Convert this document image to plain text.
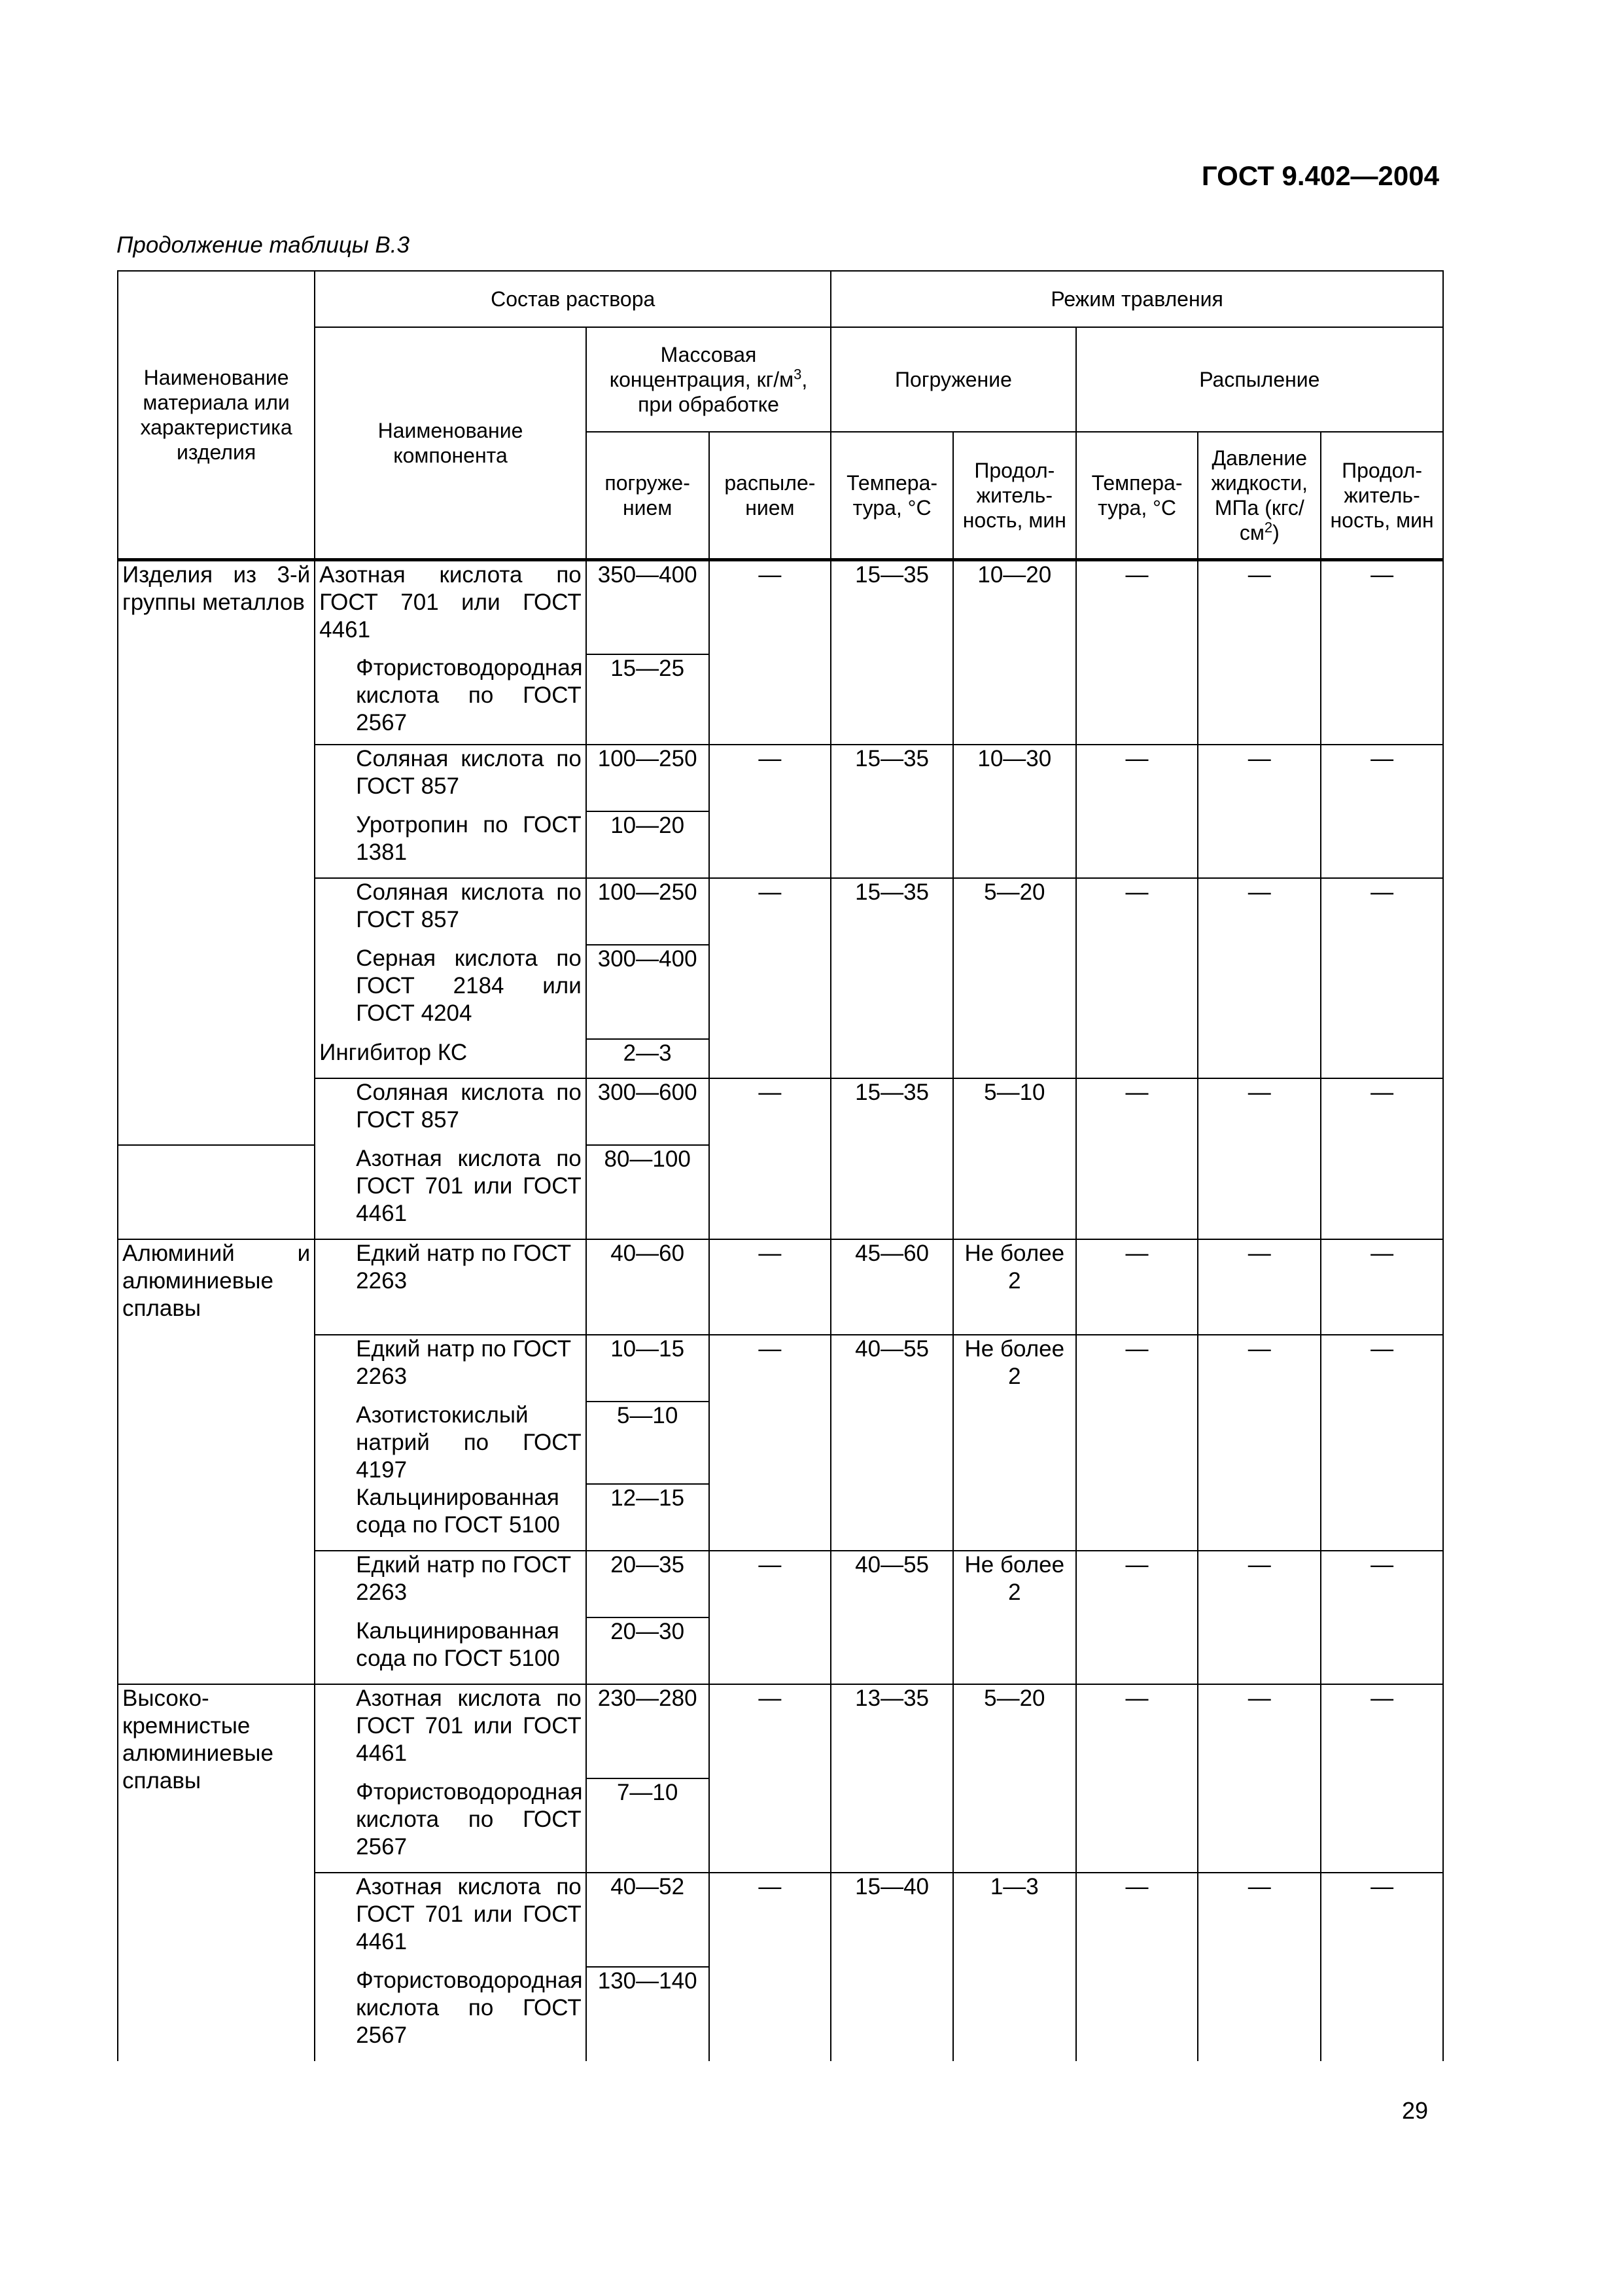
ГОСТ 9.402—2004
Продолжение таблицы В.3
Наименование материала или характеристика изделия	Состав раствора			Режим травления				
	Наименование компонента	Массовая концентрация, $кг/м^3$, при обработке		Погружение		Распыление		
		погруже-нием	распыле-нием	Темпера-тура, °С	Продол-житель-ность, мин	Темпера-тура, °С	Давление жидкости, МПа $(кгс/см^2)$	Продол-житель-ность, мин
Изделия из 3-й группы металлов	Азотная кислота по ГОСТ 701 или ГОСТ 4461	350—400	—	15—35	10—20	—	—	—
	Фтористоводородная кислота по ГОСТ 2567	15—25						
	Соляная кислота по ГОСТ 857	100—250	—	15—35	10—30	—	—	—
	Уротропин по ГОСТ 1381	10—20						
	Соляная кислота по ГОСТ 857	100—250	—	15—35	5—20	—	—	—
	Серная кислота по ГОСТ 2184 или ГОСТ 4204	300—400						
	Ингибитор КС	2—3						
	Соляная кислота по ГОСТ 857	300—600	—	15—35	5—10	—	—	—
	Азотная кислота по ГОСТ 701 или ГОСТ 4461	80—100						
Алюминий и алюминиевые сплавы	Едкий натр по ГОСТ 2263	40—60	—	45—60	Не более 2	—	—	—
	Едкий натр по ГОСТ 2263	10—15	—	40—55	Не более 2	—	—	—
	Азотистокислый натрий по ГОСТ 4197	5—10						
	Кальцинированная сода по ГОСТ 5100	12—15						
	Едкий натр по ГОСТ 2263	20—35	—	40—55	Не более 2	—	—	—
	Кальцинированная сода по ГОСТ 5100	20—30						
Высоко-кремнистые алюминиевые сплавы	Азотная кислота по ГОСТ 701 или ГОСТ 4461	230—280	—	13—35	5—20	—	—	—
	Фтористоводородная кислота по ГОСТ 2567	7—10						
	Азотная кислота по ГОСТ 701 или ГОСТ 4461	40—52	—	15—40	1—3	—	—	—
	Фтористоводородная кислота по ГОСТ 2567	130—140						
29
